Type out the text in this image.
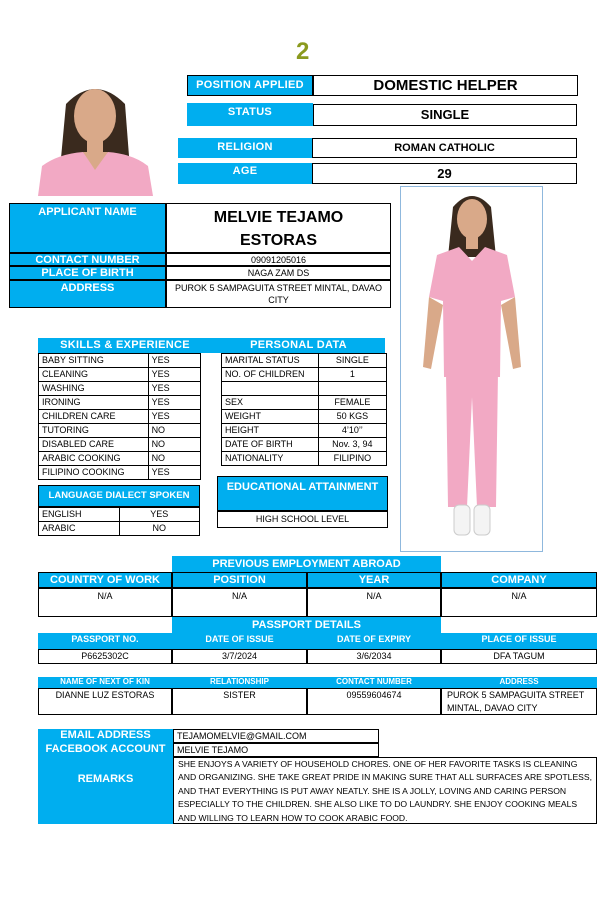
2
POSITION APPLIED	DOMESTIC HELPER
STATUS	SINGLE
RELIGION	ROMAN CATHOLIC
AGE	29
APPLICANT NAME	MELVIE TEJAMO
ESTORAS
CONTACT NUMBER	09091205016
PLACE OF BIRTH	NAGA ZAM DS
ADDRESS	PUROK 5 SAMPAGUITA STREET MINTAL, DAVAO CITY
SKILLS & EXPERIENCE
BABY SITTING	YES
CLEANING	YES
WASHING	YES
IRONING	YES
CHILDREN CARE	YES
TUTORING	NO
DISABLED CARE	NO
ARABIC COOKING	NO
FILIPINO COOKING	YES
PERSONAL DATA
MARITAL STATUS	SINGLE
NO. OF CHILDREN	1

SEX	FEMALE
WEIGHT	50 KGS
HEIGHT	4’10’’
DATE OF BIRTH	Nov. 3, 94
NATIONALITY	FILIPINO
LANGUAGE DIALECT SPOKEN
ENGLISH	YES
ARABIC	NO
EDUCATIONAL ATTAINMENT
HIGH SCHOOL LEVEL
PREVIOUS EMPLOYMENT ABROAD
COUNTRY OF WORK	POSITION	YEAR	COMPANY
N/A	N/A	N/A	N/A
PASSPORT DETAILS
PASSPORT NO.	DATE OF ISSUE	DATE OF EXPIRY	PLACE OF ISSUE
P6625302C	3/7/2024	3/6/2034	DFA TAGUM
NAME OF NEXT OF KIN	RELATIONSHIP	CONTACT NUMBER	ADDRESS
DIANNE LUZ ESTORAS	SISTER	09559604674	PUROK 5 SAMPAGUITA STREET MINTAL, DAVAO CITY
EMAIL ADDRESS	TEJAMOMELVIE@GMAIL.COM
FACEBOOK ACCOUNT	MELVIE TEJAMO
REMARKS
SHE ENJOYS A VARIETY OF HOUSEHOLD CHORES. ONE OF HER FAVORITE TASKS IS CLEANING AND ORGANIZING. SHE TAKE GREAT PRIDE IN MAKING SURE THAT ALL SURFACES ARE SPOTLESS, AND THAT EVERYTHING IS PUT AWAY NEATLY. SHE IS A JOLLY, LOVING AND CARING PERSON ESPECIALLY TO THE CHILDREN. SHE ALSO LIKE TO DO LAUNDRY. SHE ENJOY COOKING MEALS AND WILLING TO LEARN HOW TO COOK ARABIC FOOD.
